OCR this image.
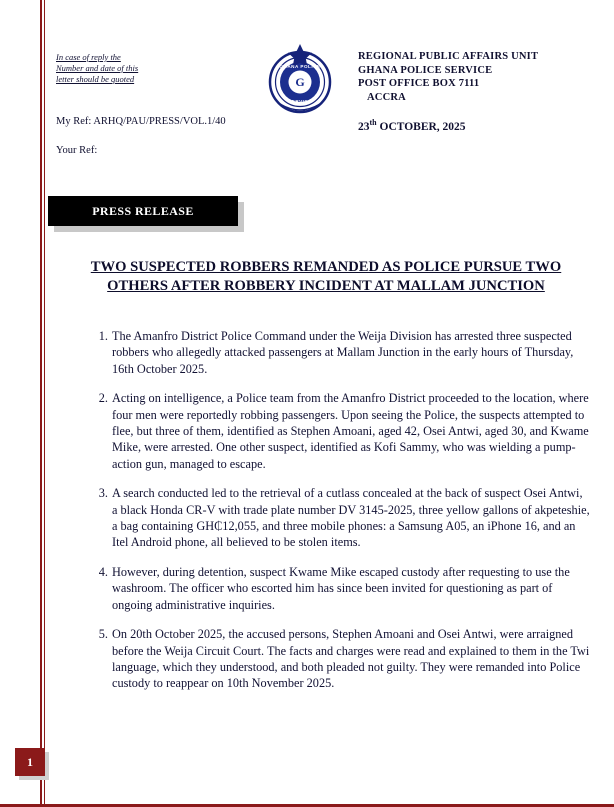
In case of reply the
Number and date of this
letter should be quoted	G
GHANA POLICE
SERVICE
REGIONAL PUBLIC AFFAIRS UNIT
GHANA POLICE SERVICE
POST OFFICE BOX 7111
ACCRA
My Ref: ARHQ/PAU/PRESS/VOL.1/40
Your Ref:
23th OCTOBER, 2025
PRESS RELEASE
TWO SUSPECTED ROBBERS REMANDED AS POLICE PURSUE TWO OTHERS AFTER ROBBERY INCIDENT AT MALLAM JUNCTION
1. The Amanfro District Police Command under the Weija Division has arrested three suspected robbers who allegedly attacked passengers at Mallam Junction in the early hours of Thursday, 16th October 2025.
2. Acting on intelligence, a Police team from the Amanfro District proceeded to the location, where four men were reportedly robbing passengers. Upon seeing the Police, the suspects attempted to flee, but three of them, identified as Stephen Amoani, aged 42, Osei Antwi, aged 30, and Kwame Mike, were arrested. One other suspect, identified as Kofi Sammy, who was wielding a pump-action gun, managed to escape.
3. A search conducted led to the retrieval of a cutlass concealed at the back of suspect Osei Antwi, a black Honda CR-V with trade plate number DV 3145-2025, three yellow gallons of akpeteshie, a bag containing GH₵12,055, and three mobile phones: a Samsung A05, an iPhone 16, and an Itel Android phone, all believed to be stolen items.
4. However, during detention, suspect Kwame Mike escaped custody after requesting to use the washroom. The officer who escorted him has since been invited for questioning as part of ongoing administrative inquiries.
5. On 20th October 2025, the accused persons, Stephen Amoani and Osei Antwi, were arraigned before the Weija Circuit Court. The facts and charges were read and explained to them in the Twi language, which they understood, and both pleaded not guilty. They were remanded into Police custody to reappear on 10th November 2025.
1
